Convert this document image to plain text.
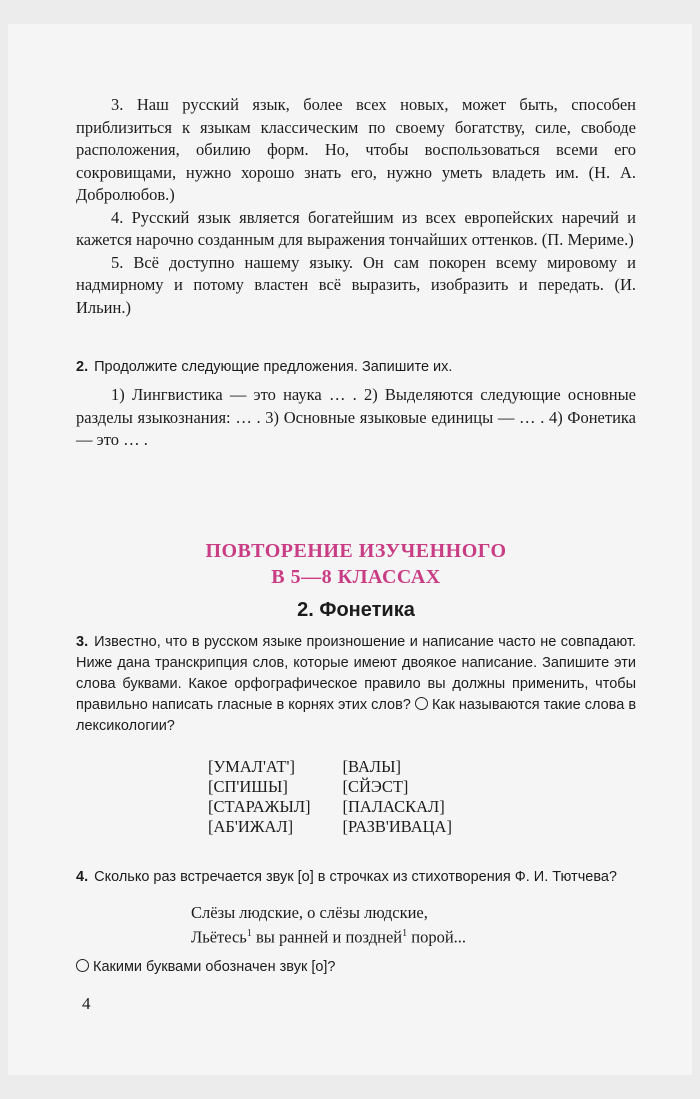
3. Наш русский язык, более всех новых, может быть, способен приблизиться к языкам классическим по своему богатству, силе, свободе расположения, обилию форм. Но, чтобы воспользоваться всеми его сокровищами, нужно хорошо знать его, нужно уметь владеть им. (Н. А. Добролюбов.)

4. Русский язык является богатейшим из всех европейских наречий и кажется нарочно созданным для выражения тончайших оттенков. (П. Мериме.)

5. Всё доступно нашему языку. Он сам покорен всему мировому и надмирному и потому властен всё выразить, изобразить и передать. (И. Ильин.)

2. Продолжите следующие предложения. Запишите их.

1) Лингвистика — это наука … . 2) Выделяются следующие основные разделы языкознания: … . 3) Основные языковые единицы — … . 4) Фонетика — это … .

ПОВТОРЕНИЕ ИЗУЧЕННОГО
В 5—8 КЛАССАХ
2. Фонетика

3. Известно, что в русском языке произношение и написание часто не совпадают. Ниже дана транскрипция слов, которые имеют двоякое написание. Запишите эти слова буквами. Какое орфографическое правило вы должны применить, чтобы правильно написать гласные в корнях этих слов? Как называются такие слова в лексикологии?

[УМАЛ'АТ']
[СП'ИШЫ]
[СТАРАЖЫЛ]
[АБ'ИЖАЛ]
[ВАЛЫ]
[СЙЭСТ]
[ПАЛАСКАЛ]
[РАЗВ'ИВАЦА]

4. Сколько раз встречается звук [о] в строчках из стихотворения Ф. И. Тютчева?

Слёзы людские, о слёзы людские,
Льётесь$^1$ вы ранней и поздней$^1$ порой...

Какими буквами обозначен звук [о]?

4
